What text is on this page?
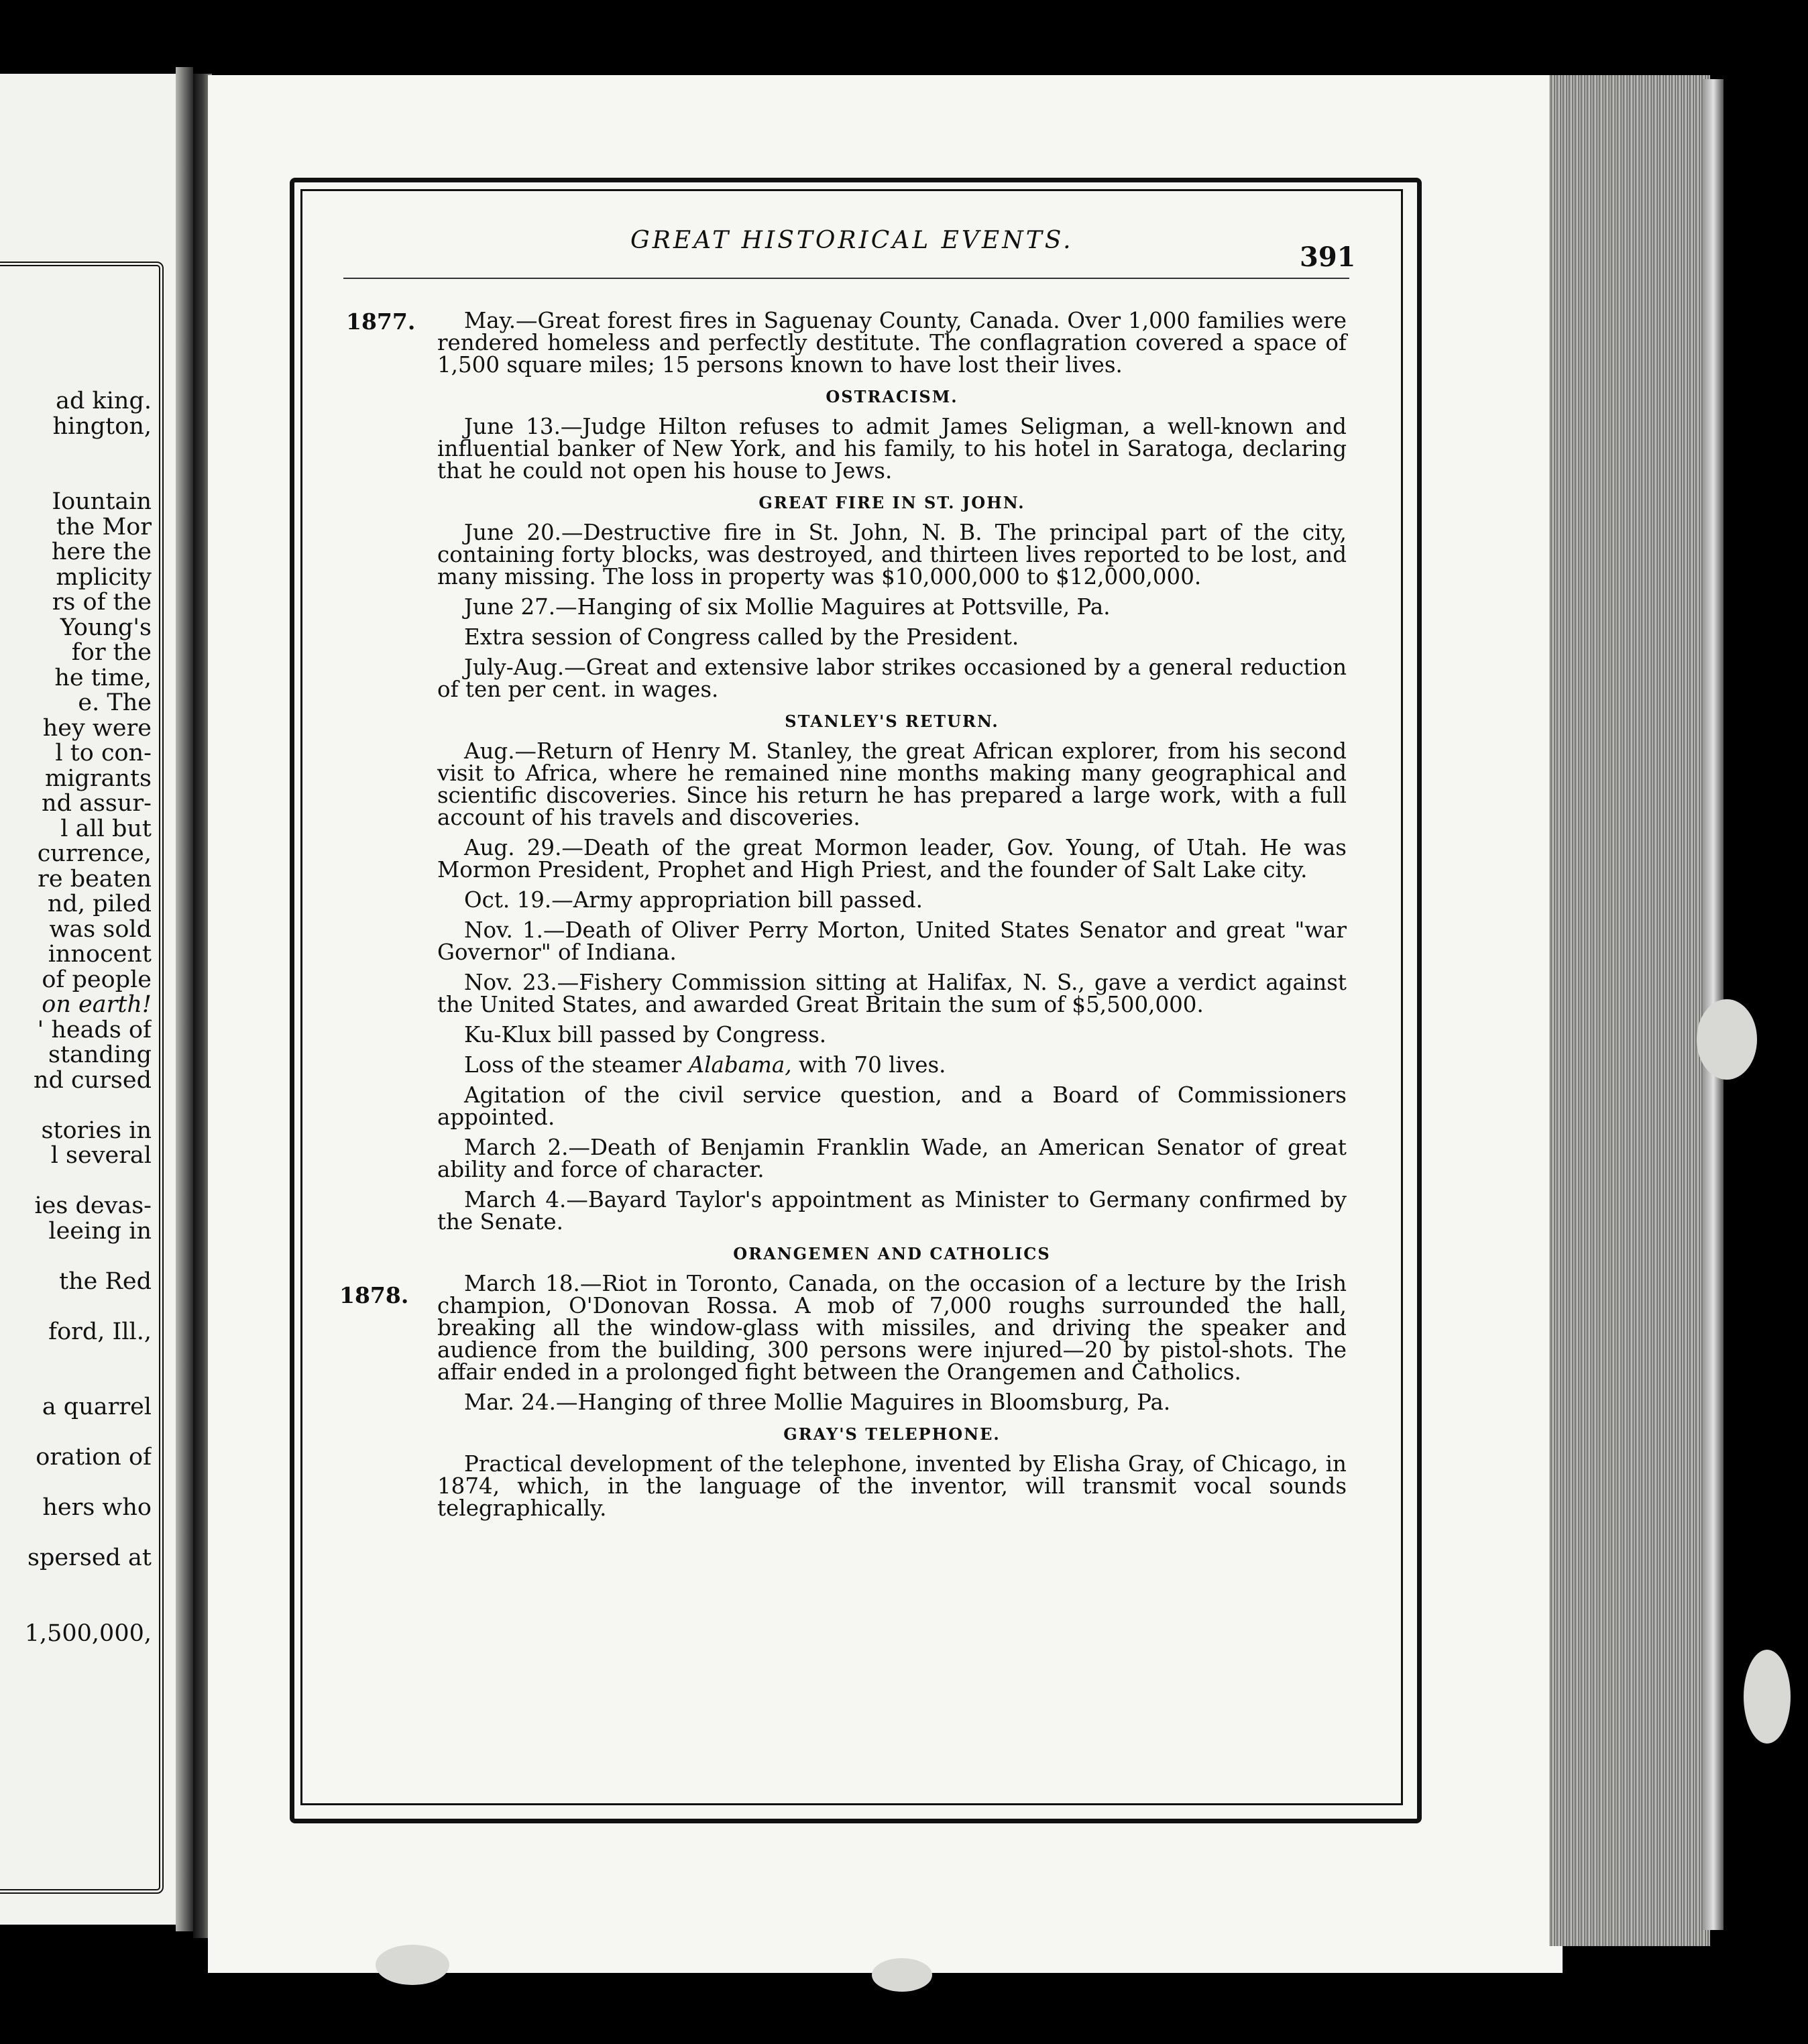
ad king.
hington,

Iountain
the Mor
here the
mplicity
rs of the
Young's
for the
he time,
e. The
hey were
l to con-
migrants
nd assur-
l all but
currence,
re beaten
nd, piled
was sold
innocent
of people
on earth!
' heads of
standing
nd cursed

stories in
l several

ies devas-
leeing in

the Red

ford, Ill.,

a quarrel

oration of

hers who

spersed at

1,500,000,
GREAT HISTORICAL EVENTS.
391
1877.
1878.
May.—Great forest fires in Saguenay County, Canada. Over 1,000 families were rendered homeless and perfectly destitute. The conflagration covered a space of 1,500 square miles; 15 persons known to have lost their lives.
OSTRACISM.
June 13.—Judge Hilton refuses to admit James Seligman, a well-known and influential banker of New York, and his family, to his hotel in Saratoga, declaring that he could not open his house to Jews.
GREAT FIRE IN ST. JOHN.
June 20.—Destructive fire in St. John, N. B. The principal part of the city, containing forty blocks, was destroyed, and thirteen lives reported to be lost, and many missing. The loss in property was $10,000,000 to $12,000,000.
June 27.—Hanging of six Mollie Maguires at Pottsville, Pa.
Extra session of Congress called by the President.
July-Aug.—Great and extensive labor strikes occasioned by a general reduction of ten per cent. in wages.
STANLEY'S RETURN.
Aug.—Return of Henry M. Stanley, the great African explorer, from his second visit to Africa, where he remained nine months making many geographical and scientific discoveries. Since his return he has prepared a large work, with a full account of his travels and discoveries.
Aug. 29.—Death of the great Mormon leader, Gov. Young, of Utah. He was Mormon President, Prophet and High Priest, and the founder of Salt Lake city.
Oct. 19.—Army appropriation bill passed.
Nov. 1.—Death of Oliver Perry Morton, United States Senator and great "war Governor" of Indiana.
Nov. 23.—Fishery Commission sitting at Halifax, N. S., gave a verdict against the United States, and awarded Great Britain the sum of $5,500,000.
Ku-Klux bill passed by Congress.
Loss of the steamer Alabama, with 70 lives.
Agitation of the civil service question, and a Board of Commissioners appointed.
March 2.—Death of Benjamin Franklin Wade, an American Senator of great ability and force of character.
March 4.—Bayard Taylor's appointment as Minister to Germany confirmed by the Senate.
ORANGEMEN AND CATHOLICS
March 18.—Riot in Toronto, Canada, on the occasion of a lecture by the Irish champion, O'Donovan Rossa. A mob of 7,000 roughs surrounded the hall, breaking all the window-glass with missiles, and driving the speaker and audience from the building, 300 persons were injured—20 by pistol-shots. The affair ended in a prolonged fight between the Orangemen and Catholics.
Mar. 24.—Hanging of three Mollie Maguires in Bloomsburg, Pa.
GRAY'S TELEPHONE.
Practical development of the telephone, invented by Elisha Gray, of Chicago, in 1874, which, in the language of the inventor, will transmit vocal sounds telegraphically.
